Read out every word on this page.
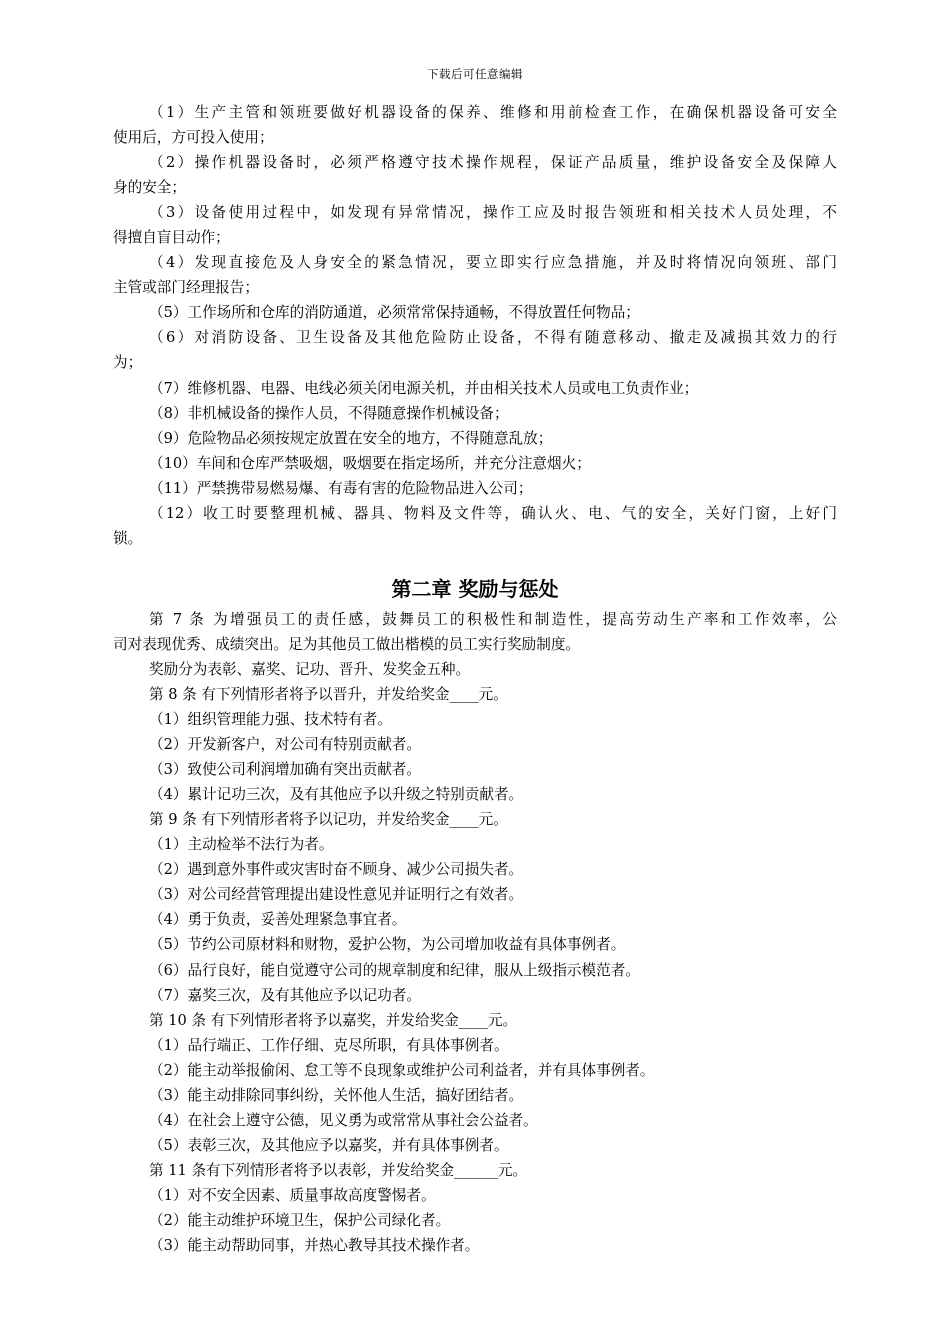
下载后可任意编辑
（1）生产主管和领班要做好机器设备的保养、维修和用前检查工作，在确保机器设备可安全
使用后，方可投入使用；
（2）操作机器设备时，必须严格遵守技术操作规程，保证产品质量，维护设备安全及保障人
身的安全；
（3）设备使用过程中，如发现有异常情况，操作工应及时报告领班和相关技术人员处理，不
得擅自盲目动作；
（4）发现直接危及人身安全的紧急情况，要立即实行应急措施，并及时将情况向领班、部门
主管或部门经理报告；
（5）工作场所和仓库的消防通道，必须常常保持通畅，不得放置任何物品；
（6）对消防设备、卫生设备及其他危险防止设备，不得有随意移动、撤走及减损其效力的行
为；
（7）维修机器、电器、电线必须关闭电源关机，并由相关技术人员或电工负责作业；
（8）非机械设备的操作人员，不得随意操作机械设备；
（9）危险物品必须按规定放置在安全的地方，不得随意乱放；
（10）车间和仓库严禁吸烟，吸烟要在指定场所，并充分注意烟火；
（11）严禁携带易燃易爆、有毒有害的危险物品进入公司；
（12）收工时要整理机械、器具、物料及文件等，确认火、电、气的安全，关好门窗，上好门
锁。
第二章 奖励与惩处
第 7 条 为增强员工的责任感，鼓舞员工的积极性和制造性，提高劳动生产率和工作效率，公
司对表现优秀、成绩突出。足为其他员工做出楷模的员工实行奖励制度。
奖励分为表彰、嘉奖、记功、晋升、发奖金五种。
第 8 条 有下列情形者将予以晋升，并发给奖金____元。
（1）组织管理能力强、技术特有者。
（2）开发新客户，对公司有特别贡献者。
（3）致使公司利润增加确有突出贡献者。
（4）累计记功三次，及有其他应予以升级之特别贡献者。
第 9 条 有下列情形者将予以记功，并发给奖金____元。
（1）主动检举不法行为者。
（2）遇到意外事件或灾害时奋不顾身、减少公司损失者。
（3）对公司经营管理提出建设性意见并证明行之有效者。
（4）勇于负责，妥善处理紧急事宜者。
（5）节约公司原材料和财物，爱护公物，为公司增加收益有具体事例者。
（6）品行良好，能自觉遵守公司的规章制度和纪律，服从上级指示模范者。
（7）嘉奖三次，及有其他应予以记功者。
第 10 条 有下列情形者将予以嘉奖，并发给奖金____元。
（1）品行端正、工作仔细、克尽所职，有具体事例者。
（2）能主动举报偷闲、怠工等不良现象或维护公司利益者，并有具体事例者。
（3）能主动排除同事纠纷，关怀他人生活，搞好团结者。
（4）在社会上遵守公德，见义勇为或常常从事社会公益者。
（5）表彰三次，及其他应予以嘉奖，并有具体事例者。
第 11 条有下列情形者将予以表彰，并发给奖金______元。
（1）对不安全因素、质量事故高度警惕者。
（2）能主动维护环境卫生，保护公司绿化者。
（3）能主动帮助同事，并热心教导其技术操作者。
